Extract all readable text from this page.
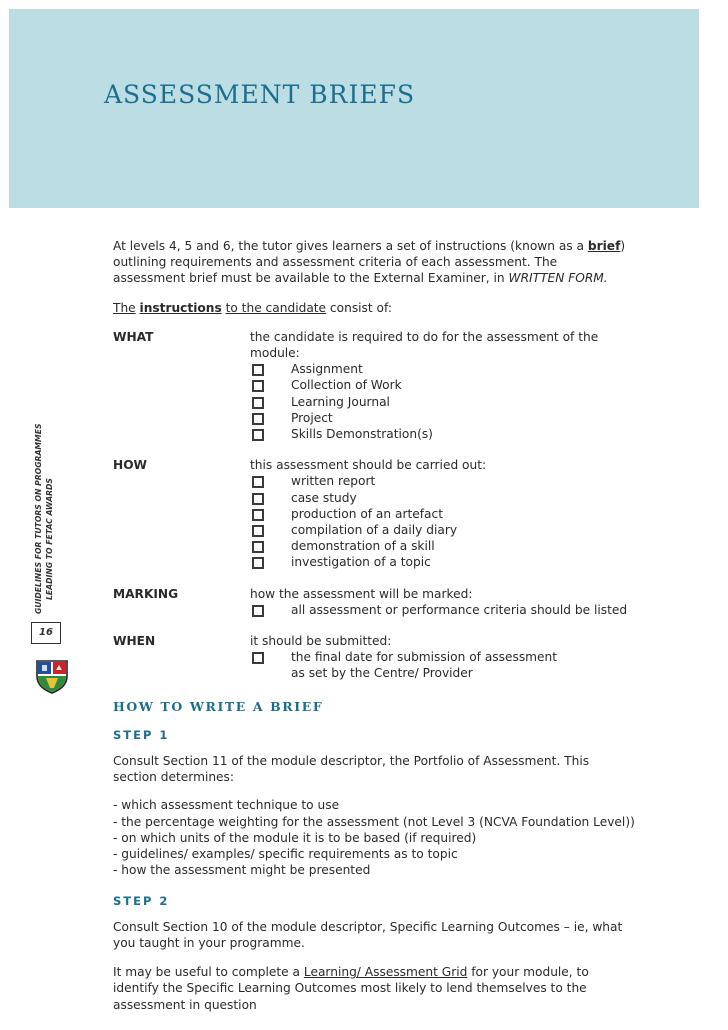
ASSESSMENT BRIEFS
GUIDELINES FOR TUTORS ON PROGRAMMES LEADING TO FETAC AWARDS
16

At levels 4, 5 and 6, the tutor gives learners a set of instructions (known as a brief) outlining requirements and assessment criteria of each assessment. The assessment brief must be available to the External Examiner, in WRITTEN FORM.

The instructions to the candidate consist of:

WHAT	the candidate is required to do for the assessment of the module:
Assignment
Collection of Work
Learning Journal
Project
Skills Demonstration(s)
HOW	this assessment should be carried out:
written report
case study
production of an artefact
compilation of a daily diary
demonstration of a skill
investigation of a topic
MARKING	how the assessment will be marked:
all assessment or performance criteria should be listed
WHEN	it should be submitted:
the final date for submission of assessment
as set by the Centre/ Provider
HOW TO WRITE A BRIEF

STEP 1

Consult Section 11 of the module descriptor, the Portfolio of Assessment. This section determines:

- which assessment technique to use
- the percentage weighting for the assessment (not Level 3 (NCVA Foundation Level))
- on which units of the module it is to be based (if required)
- guidelines/ examples/ specific requirements as to topic
- how the assessment might be presented

STEP 2

Consult Section 10 of the module descriptor, Specific Learning Outcomes – ie, what you taught in your programme.

It may be useful to complete a Learning/ Assessment Grid for your module, to identify the Specific Learning Outcomes most likely to lend themselves to the assessment in question
